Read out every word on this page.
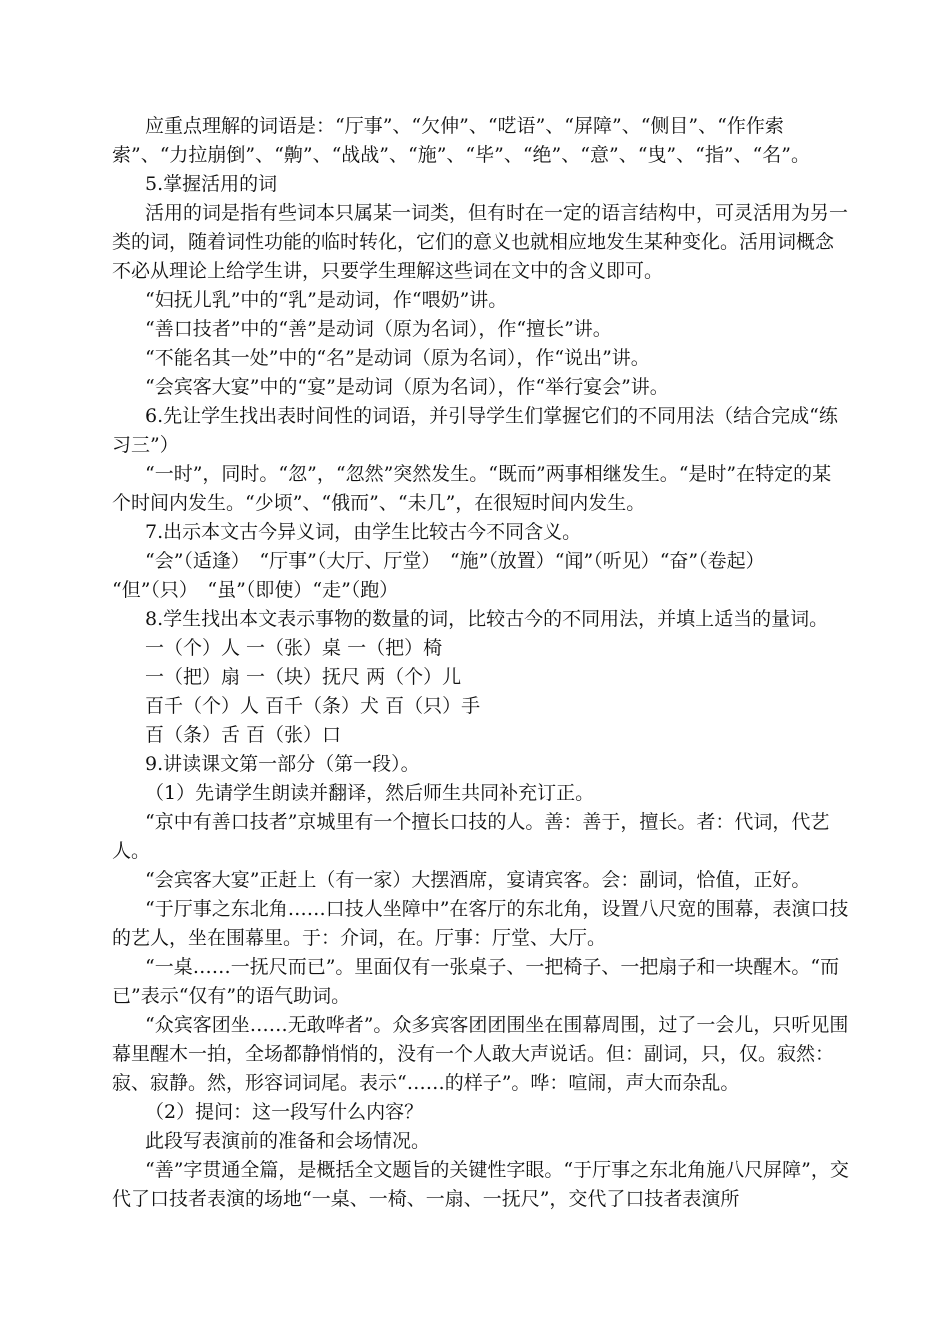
应重点理解的词语是：“厅事”、“欠伸”、“呓语”、“屏障”、“侧目”、“作作索索”、“力拉崩倒”、“齁”、“战战”、“施”、“毕”、“绝”、“意”、“曳”、“指”、“名”。

5.掌握活用的词

活用的词是指有些词本只属某一词类，但有时在一定的语言结构中，可灵活用为另一类的词，随着词性功能的临时转化，它们的意义也就相应地发生某种变化。活用词概念不必从理论上给学生讲，只要学生理解这些词在文中的含义即可。

“妇抚儿乳”中的“乳”是动词，作“喂奶”讲。

“善口技者”中的“善”是动词（原为名词），作“擅长”讲。

“不能名其一处”中的“名”是动词（原为名词），作“说出”讲。

“会宾客大宴”中的“宴”是动词（原为名词），作“举行宴会”讲。

6.先让学生找出表时间性的词语，并引导学生们掌握它们的不同用法（结合完成“练习三”）

“一时”，同时。“忽”，“忽然”突然发生。“既而”两事相继发生。“是时”在特定的某个时间内发生。“少顷”、“俄而”、“未几”，在很短时间内发生。

7.出示本文古今异义词，由学生比较古今不同含义。

“会”（适逢）　“厅事”（大厅、厅堂）　“施”（放置）“闻”（听见）“奋”（卷起）　“但”（只）　“虽”（即使）“走”（跑）

8.学生找出本文表示事物的数量的词，比较古今的不同用法，并填上适当的量词。

一（个）人 一（张）桌 一（把）椅

一（把）扇 一（块）抚尺 两（个）儿

百千（个）人 百千（条）犬 百（只）手

百（条）舌 百（张）口

9.讲读课文第一部分（第一段）。

（1）先请学生朗读并翻译，然后师生共同补充订正。

“京中有善口技者”京城里有一个擅长口技的人。善：善于，擅长。者：代词，代艺人。

“会宾客大宴”正赶上（有一家）大摆酒席，宴请宾客。会：副词，恰值，正好。

“于厅事之东北角……口技人坐障中”在客厅的东北角，设置八尺宽的围幕，表演口技的艺人，坐在围幕里。于：介词，在。厅事：厅堂、大厅。

“一桌……一抚尺而已”。里面仅有一张桌子、一把椅子、一把扇子和一块醒木。“而已”表示“仅有”的语气助词。

“众宾客团坐……无敢哗者”。众多宾客团团围坐在围幕周围，过了一会儿，只听见围幕里醒木一拍，全场都静悄悄的，没有一个人敢大声说话。但：副词，只，仅。寂然：寂、寂静。然，形容词词尾。表示“……的样子”。哗：喧闹，声大而杂乱。

（2）提问：这一段写什么内容？

此段写表演前的准备和会场情况。

“善”字贯通全篇，是概括全文题旨的关键性字眼。“于厅事之东北角施八尺屏障”，交代了口技者表演的场地“一桌、一椅、一扇、一抚尺”，交代了口技者表演所
